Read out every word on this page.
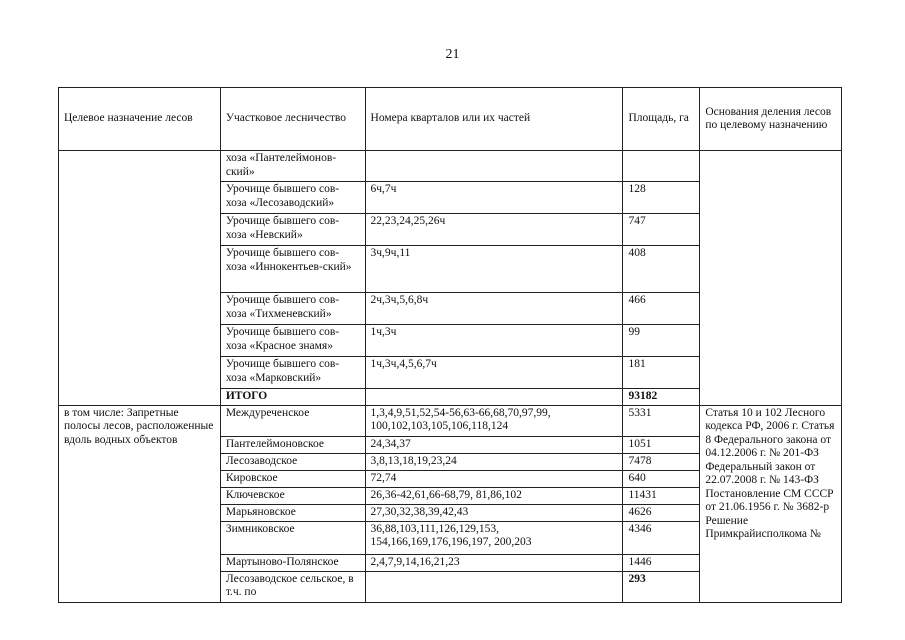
21
Целевое назначение лесов	Участковое лесничество	Номера кварталов или их частей	Площадь, га	Основания деления лесов по целевому назначению
	хоза «Пантелеймонов-ский»			
	Урочище бывшего сов-хоза «Лесозаводский»	6ч,7ч	128	
	Урочище бывшего сов-хоза «Невский»	22,23,24,25,26ч	747	
	Урочище бывшего сов-хоза «Иннокентьев-ский»	3ч,9ч,11	408	
	Урочище бывшего сов-хоза «Тихменевский»	2ч,3ч,5,6,8ч	466	
	Урочище бывшего сов-хоза «Красное знамя»	1ч,3ч	99	
	Урочище бывшего сов-хоза «Марковский»	1ч,3ч,4,5,6,7ч	181	
	ИТОГО		93182	
в том числе: Запретные полосы лесов, расположенные вдоль водных объектов	Междуреченское	1,3,4,9,51,52,54-56,63-66,68,70,97,99, 100,102,103,105,106,118,124	5331	Статья 10 и 102 Лесного кодекса РФ, 2006 г. Статья 8 Федерального закона от 04.12.2006 г. № 201-ФЗ Федеральный закон от 22.07.2008 г. № 143-ФЗ Постановление СМ СССР от 21.06.1956 г. № 3682-р Решение Примкрайисполкома №
	Пантелеймоновское	24,34,37	1051	
	Лесозаводское	3,8,13,18,19,23,24	7478	
	Кировское	72,74	640	
	Ключевское	26,36-42,61,66-68,79, 81,86,102	11431	
	Марьяновское	27,30,32,38,39,42,43	4626	
	Зимниковское	36,88,103,111,126,129,153, 154,166,169,176,196,197, 200,203	4346	
	Мартыново-Полянское	2,4,7,9,14,16,21,23	1446	
	Лесозаводское сельское, в т.ч. по		293	
